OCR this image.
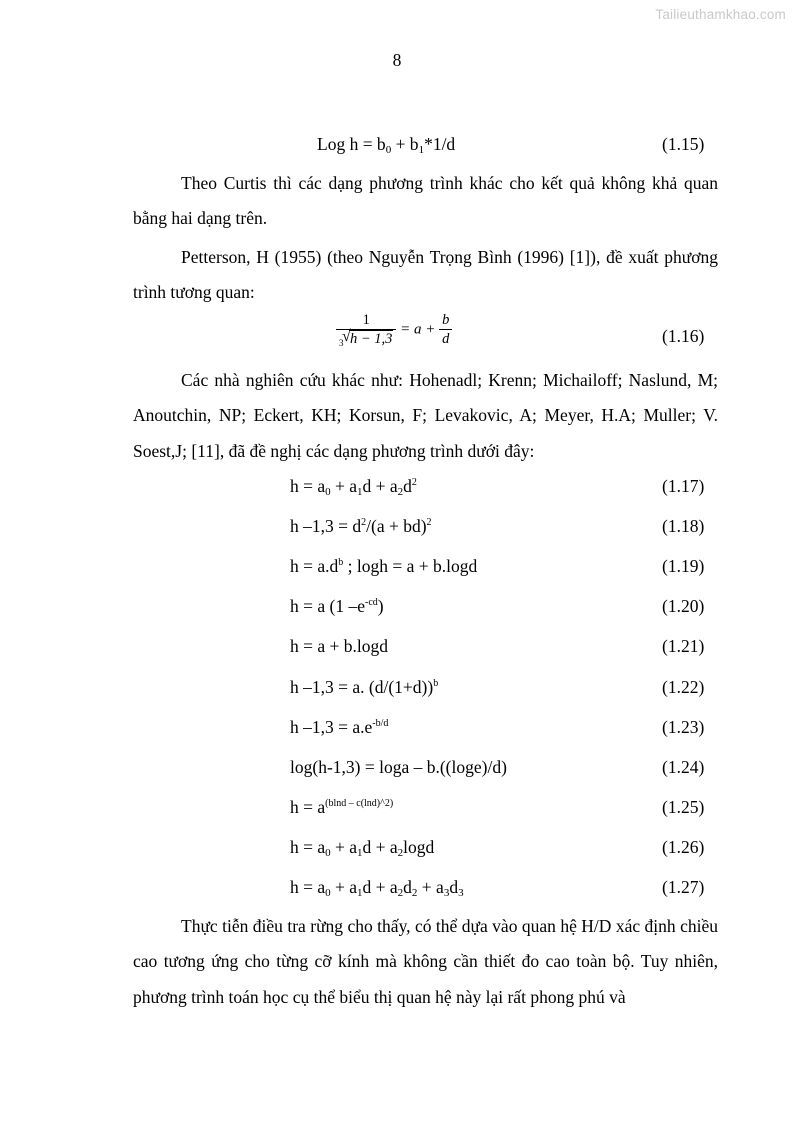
Tailieuthamkhao.com
8
Log $h = b_0 + b_1*1/d$	(1.15)
Theo Curtis thì các dạng phương trình khác cho kết quả không khả quan bằng hai dạng trên.
Petterson, H (1955) (theo Nguyễn Trọng Bình (1996) [1]), đề xuất phương trình tương quan:
1
3
√ $h - 1,3 = a + \frac{b}{d}$	(1.16)
Các nhà nghiên cứu khác như: Hohenadl; Krenn; Michailoff; Naslund, M; Anoutchin, NP; Eckert, KH; Korsun, F; Levakovic, A; Meyer, H.A; Muller; V. Soest,J; [11], đã đề nghị các dạng phương trình dưới đây:
$h = a_0 + a_1d + a_2d^2$	(1.17)
h $-1,3 = d^2/(a + bd)^2$	(1.18)
$h = a.d^b$ ; logh = a + b.logd	(1.19)
h = a (1 $-e^{-cd}$)	(1.20)
h = a + b.logd	(1.21)
h –1,3 = a. $(d/(1+d))^b$	(1.22)
h $-1,3 = a.e^{-b/d}$	(1.23)
log(h-1,3) = loga – b.((loge)/d)	(1.24)
$h = a^{(blnd - c(lnd)\^{}2)}$	(1.25)
$h = a_0 + a_1d + a_2\log d$	(1.26)
$h = a_0 + a_1d + a_2d_2 + a_3d_3$	(1.27)
Thực tiễn điều tra rừng cho thấy, có thể dựa vào quan hệ H/D xác định chiều cao tương ứng cho từng cỡ kính mà không cần thiết đo cao toàn bộ. Tuy nhiên, phương trình toán học cụ thể biểu thị quan hệ này lại rất phong phú và
